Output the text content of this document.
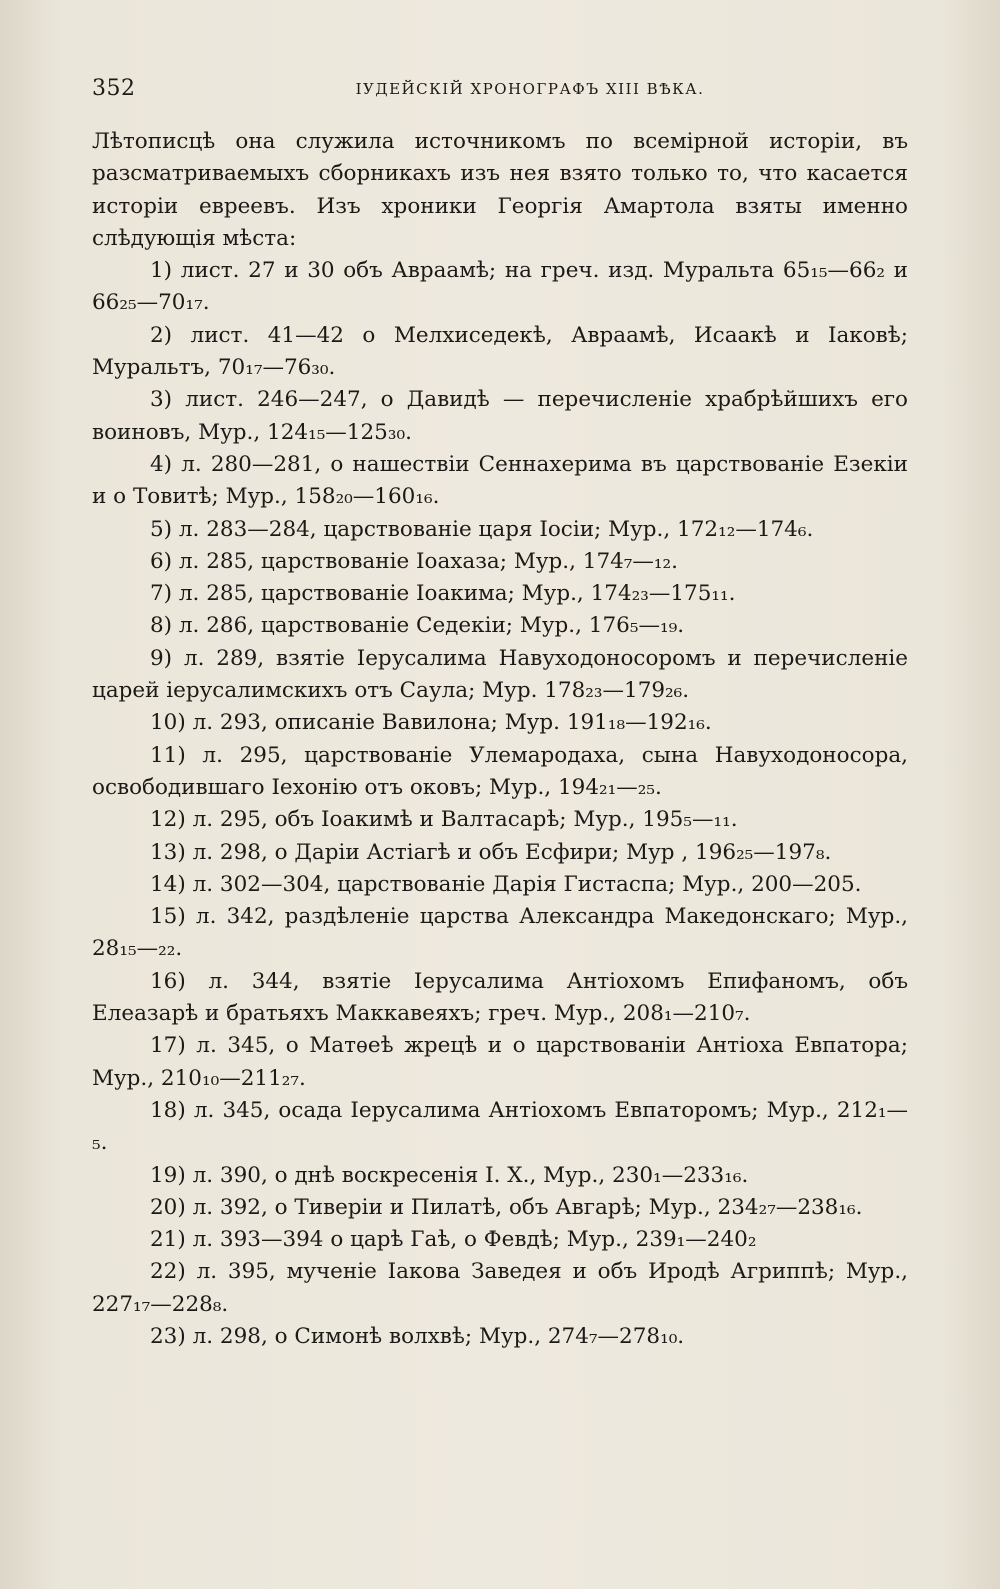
352	ІУДЕЙСКІЙ ХРОНОГРАФЪ XIII ВѢКА.

Лѣтописцѣ она служила источникомъ по всемірной исторіи, въ разсматриваемыхъ сборникахъ изъ нея взято только то, что касается исторіи евреевъ. Изъ хроники Георгія Амартола взяты именно слѣдующія мѣста:

1) лист. 27 и 30 объ Авраамѣ; на греч. изд. Муральта 65₁₅—66₂ и 66₂₅—70₁₇.

2) лист. 41—42 о Мелхиседекѣ, Авраамѣ, Исаакѣ и Іаковѣ; Муральтъ, 70₁₇—76₃₀.

3) лист. 246—247, о Давидѣ — перечисленіе храбрѣйшихъ его воиновъ, Мур., 124₁₅—125₃₀.

4) л. 280—281, о нашествіи Сеннахерима въ царствованіе Езекіи и о Товитѣ; Мур., 158₂₀—160₁₆.

5) л. 283—284, царствованіе царя Іосіи; Мур., 172₁₂—174₆.

6) л. 285, царствованіе Іоахаза; Мур., 174₇—₁₂.

7) л. 285, царствованіе Іоакима; Мур., 174₂₃—175₁₁.

8) л. 286, царствованіе Седекіи; Мур., 176₅—₁₉.

9) л. 289, взятіе Іерусалима Навуходоносоромъ и перечисленіе царей іерусалимскихъ отъ Саула; Мур. 178₂₃—179₂₆.

10) л. 293, описаніе Вавилона; Мур. 191₁₈—192₁₆.

11) л. 295, царствованіе Улемародаха, сына Навуходоносора, освободившаго Іехонію отъ оковъ; Мур., 194₂₁—₂₅.

12) л. 295, объ Іоакимѣ и Валтасарѣ; Мур., 195₅—₁₁.

13) л. 298, о Даріи Астіагѣ и объ Есфири; Мур , 196₂₅—197₈.

14) л. 302—304, царствованіе Дарія Гистаспа; Мур., 200—205.

15) л. 342, раздѣленіе царства Александра Македонскаго; Мур., 28₁₅—₂₂.

16) л. 344, взятіе Іерусалима Антіохомъ Епифаномъ, объ Елеазарѣ и братьяхъ Маккавеяхъ; греч. Мур., 208₁—210₇.

17) л. 345, о Матѳеѣ жрецѣ и о царствованіи Антіоха Евпатора; Мур., 210₁₀—211₂₇.

18) л. 345, осада Іерусалима Антіохомъ Евпаторомъ; Мур., 212₁—₅.

19) л. 390, о днѣ воскресенія І. Х., Мур., 230₁—233₁₆.

20) л. 392, о Тиверіи и Пилатѣ, объ Авгарѣ; Мур., 234₂₇—238₁₆.

21) л. 393—394 о царѣ Гаѣ, о Февдѣ; Мур., 239₁—240₂

22) л. 395, мученіе Іакова Заведея и объ Иродѣ Агриппѣ; Мур., 227₁₇—228₈.

23) л. 298, о Симонѣ волхвѣ; Мур., 274₇—278₁₀.
